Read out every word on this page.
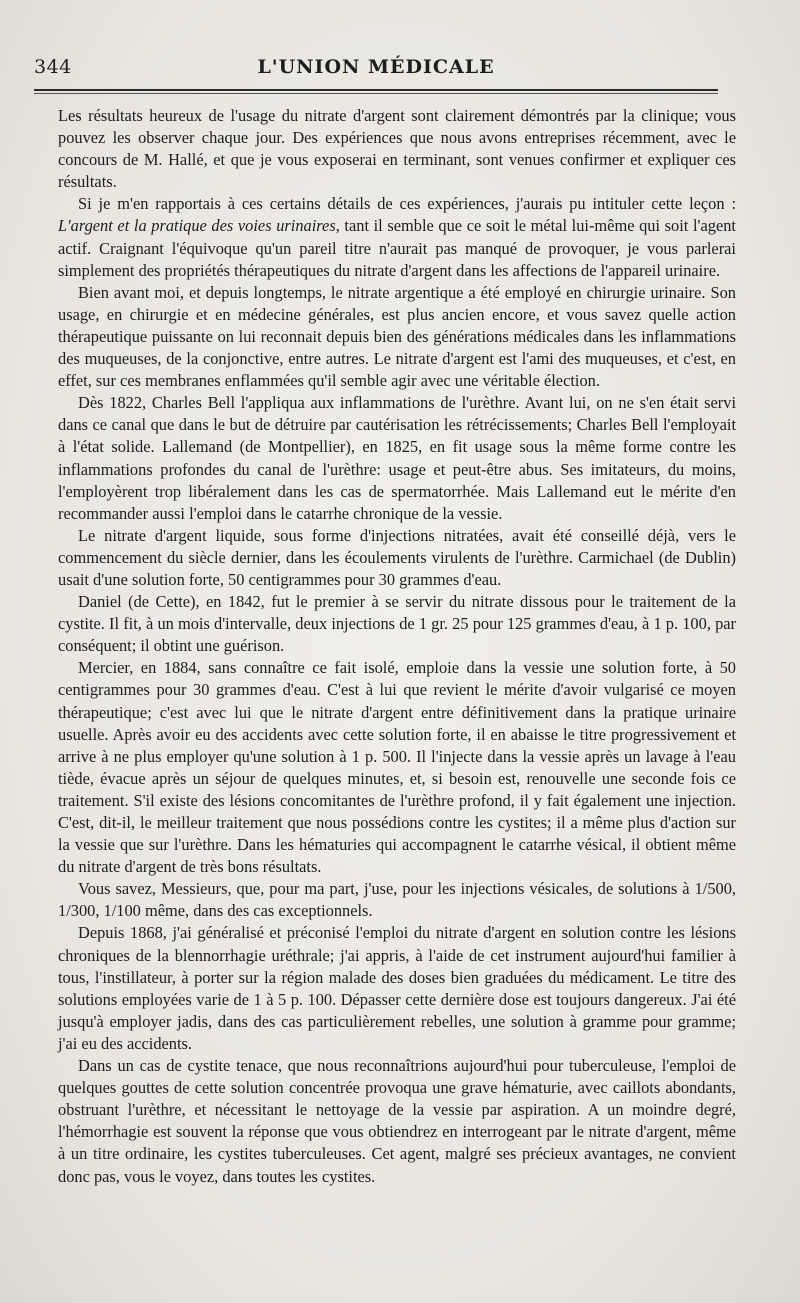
344	L'UNION MÉDICALE

Les résultats heureux de l'usage du nitrate d'argent sont clairement démontrés par la clinique; vous pouvez les observer chaque jour. Des expériences que nous avons entreprises récemment, avec le concours de M. Hallé, et que je vous exposerai en terminant, sont venues confirmer et expliquer ces résultats.

Si je m'en rapportais à ces certains détails de ces expériences, j'aurais pu intituler cette leçon : L'argent et la pratique des voies urinaires, tant il semble que ce soit le métal lui-même qui soit l'agent actif. Craignant l'équivoque qu'un pareil titre n'aurait pas manqué de provoquer, je vous parlerai simplement des propriétés thérapeutiques du nitrate d'argent dans les affections de l'appareil urinaire.

Bien avant moi, et depuis longtemps, le nitrate argentique a été employé en chirurgie urinaire. Son usage, en chirurgie et en médecine générales, est plus ancien encore, et vous savez quelle action thérapeutique puissante on lui reconnait depuis bien des générations médicales dans les inflammations des muqueuses, de la conjonctive, entre autres. Le nitrate d'argent est l'ami des muqueuses, et c'est, en effet, sur ces membranes enflammées qu'il semble agir avec une véritable élection.

Dès 1822, Charles Bell l'appliqua aux inflammations de l'urèthre. Avant lui, on ne s'en était servi dans ce canal que dans le but de détruire par cautérisation les rétrécissements; Charles Bell l'employait à l'état solide. Lallemand (de Montpellier), en 1825, en fit usage sous la même forme contre les inflammations profondes du canal de l'urèthre: usage et peut-être abus. Ses imitateurs, du moins, l'employèrent trop libéralement dans les cas de spermatorrhée. Mais Lallemand eut le mérite d'en recommander aussi l'emploi dans le catarrhe chronique de la vessie.

Le nitrate d'argent liquide, sous forme d'injections nitratées, avait été conseillé déjà, vers le commencement du siècle dernier, dans les écoulements virulents de l'urèthre. Carmichael (de Dublin) usait d'une solution forte, 50 centigrammes pour 30 grammes d'eau.

Daniel (de Cette), en 1842, fut le premier à se servir du nitrate dissous pour le traitement de la cystite. Il fit, à un mois d'intervalle, deux injections de 1 gr. 25 pour 125 grammes d'eau, à 1 p. 100, par conséquent; il obtint une guérison.

Mercier, en 1884, sans connaître ce fait isolé, emploie dans la vessie une solution forte, à 50 centigrammes pour 30 grammes d'eau. C'est à lui que revient le mérite d'avoir vulgarisé ce moyen thérapeutique; c'est avec lui que le nitrate d'argent entre définitivement dans la pratique urinaire usuelle. Après avoir eu des accidents avec cette solution forte, il en abaisse le titre progressivement et arrive à ne plus employer qu'une solution à 1 p. 500. Il l'injecte dans la vessie après un lavage à l'eau tiède, évacue après un séjour de quelques minutes, et, si besoin est, renouvelle une seconde fois ce traitement. S'il existe des lésions concomitantes de l'urèthre profond, il y fait également une injection. C'est, dit-il, le meilleur traitement que nous possédions contre les cystites; il a même plus d'action sur la vessie que sur l'urèthre. Dans les hématuries qui accompagnent le catarrhe vésical, il obtient même du nitrate d'argent de très bons résultats.

Vous savez, Messieurs, que, pour ma part, j'use, pour les injections vésicales, de solutions à 1/500, 1/300, 1/100 même, dans des cas exceptionnels.

Depuis 1868, j'ai généralisé et préconisé l'emploi du nitrate d'argent en solution contre les lésions chroniques de la blennorrhagie uréthrale; j'ai appris, à l'aide de cet instrument aujourd'hui familier à tous, l'instillateur, à porter sur la région malade des doses bien graduées du médicament. Le titre des solutions employées varie de 1 à 5 p. 100. Dépasser cette dernière dose est toujours dangereux. J'ai été jusqu'à employer jadis, dans des cas particulièrement rebelles, une solution à gramme pour gramme; j'ai eu des accidents.

Dans un cas de cystite tenace, que nous reconnaîtrions aujourd'hui pour tuberculeuse, l'emploi de quelques gouttes de cette solution concentrée provoqua une grave hématurie, avec caillots abondants, obstruant l'urèthre, et nécessitant le nettoyage de la vessie par aspiration. A un moindre degré, l'hémorrhagie est souvent la réponse que vous obtiendrez en interrogeant par le nitrate d'argent, même à un titre ordinaire, les cystites tuberculeuses. Cet agent, malgré ses précieux avantages, ne convient donc pas, vous le voyez, dans toutes les cystites.
